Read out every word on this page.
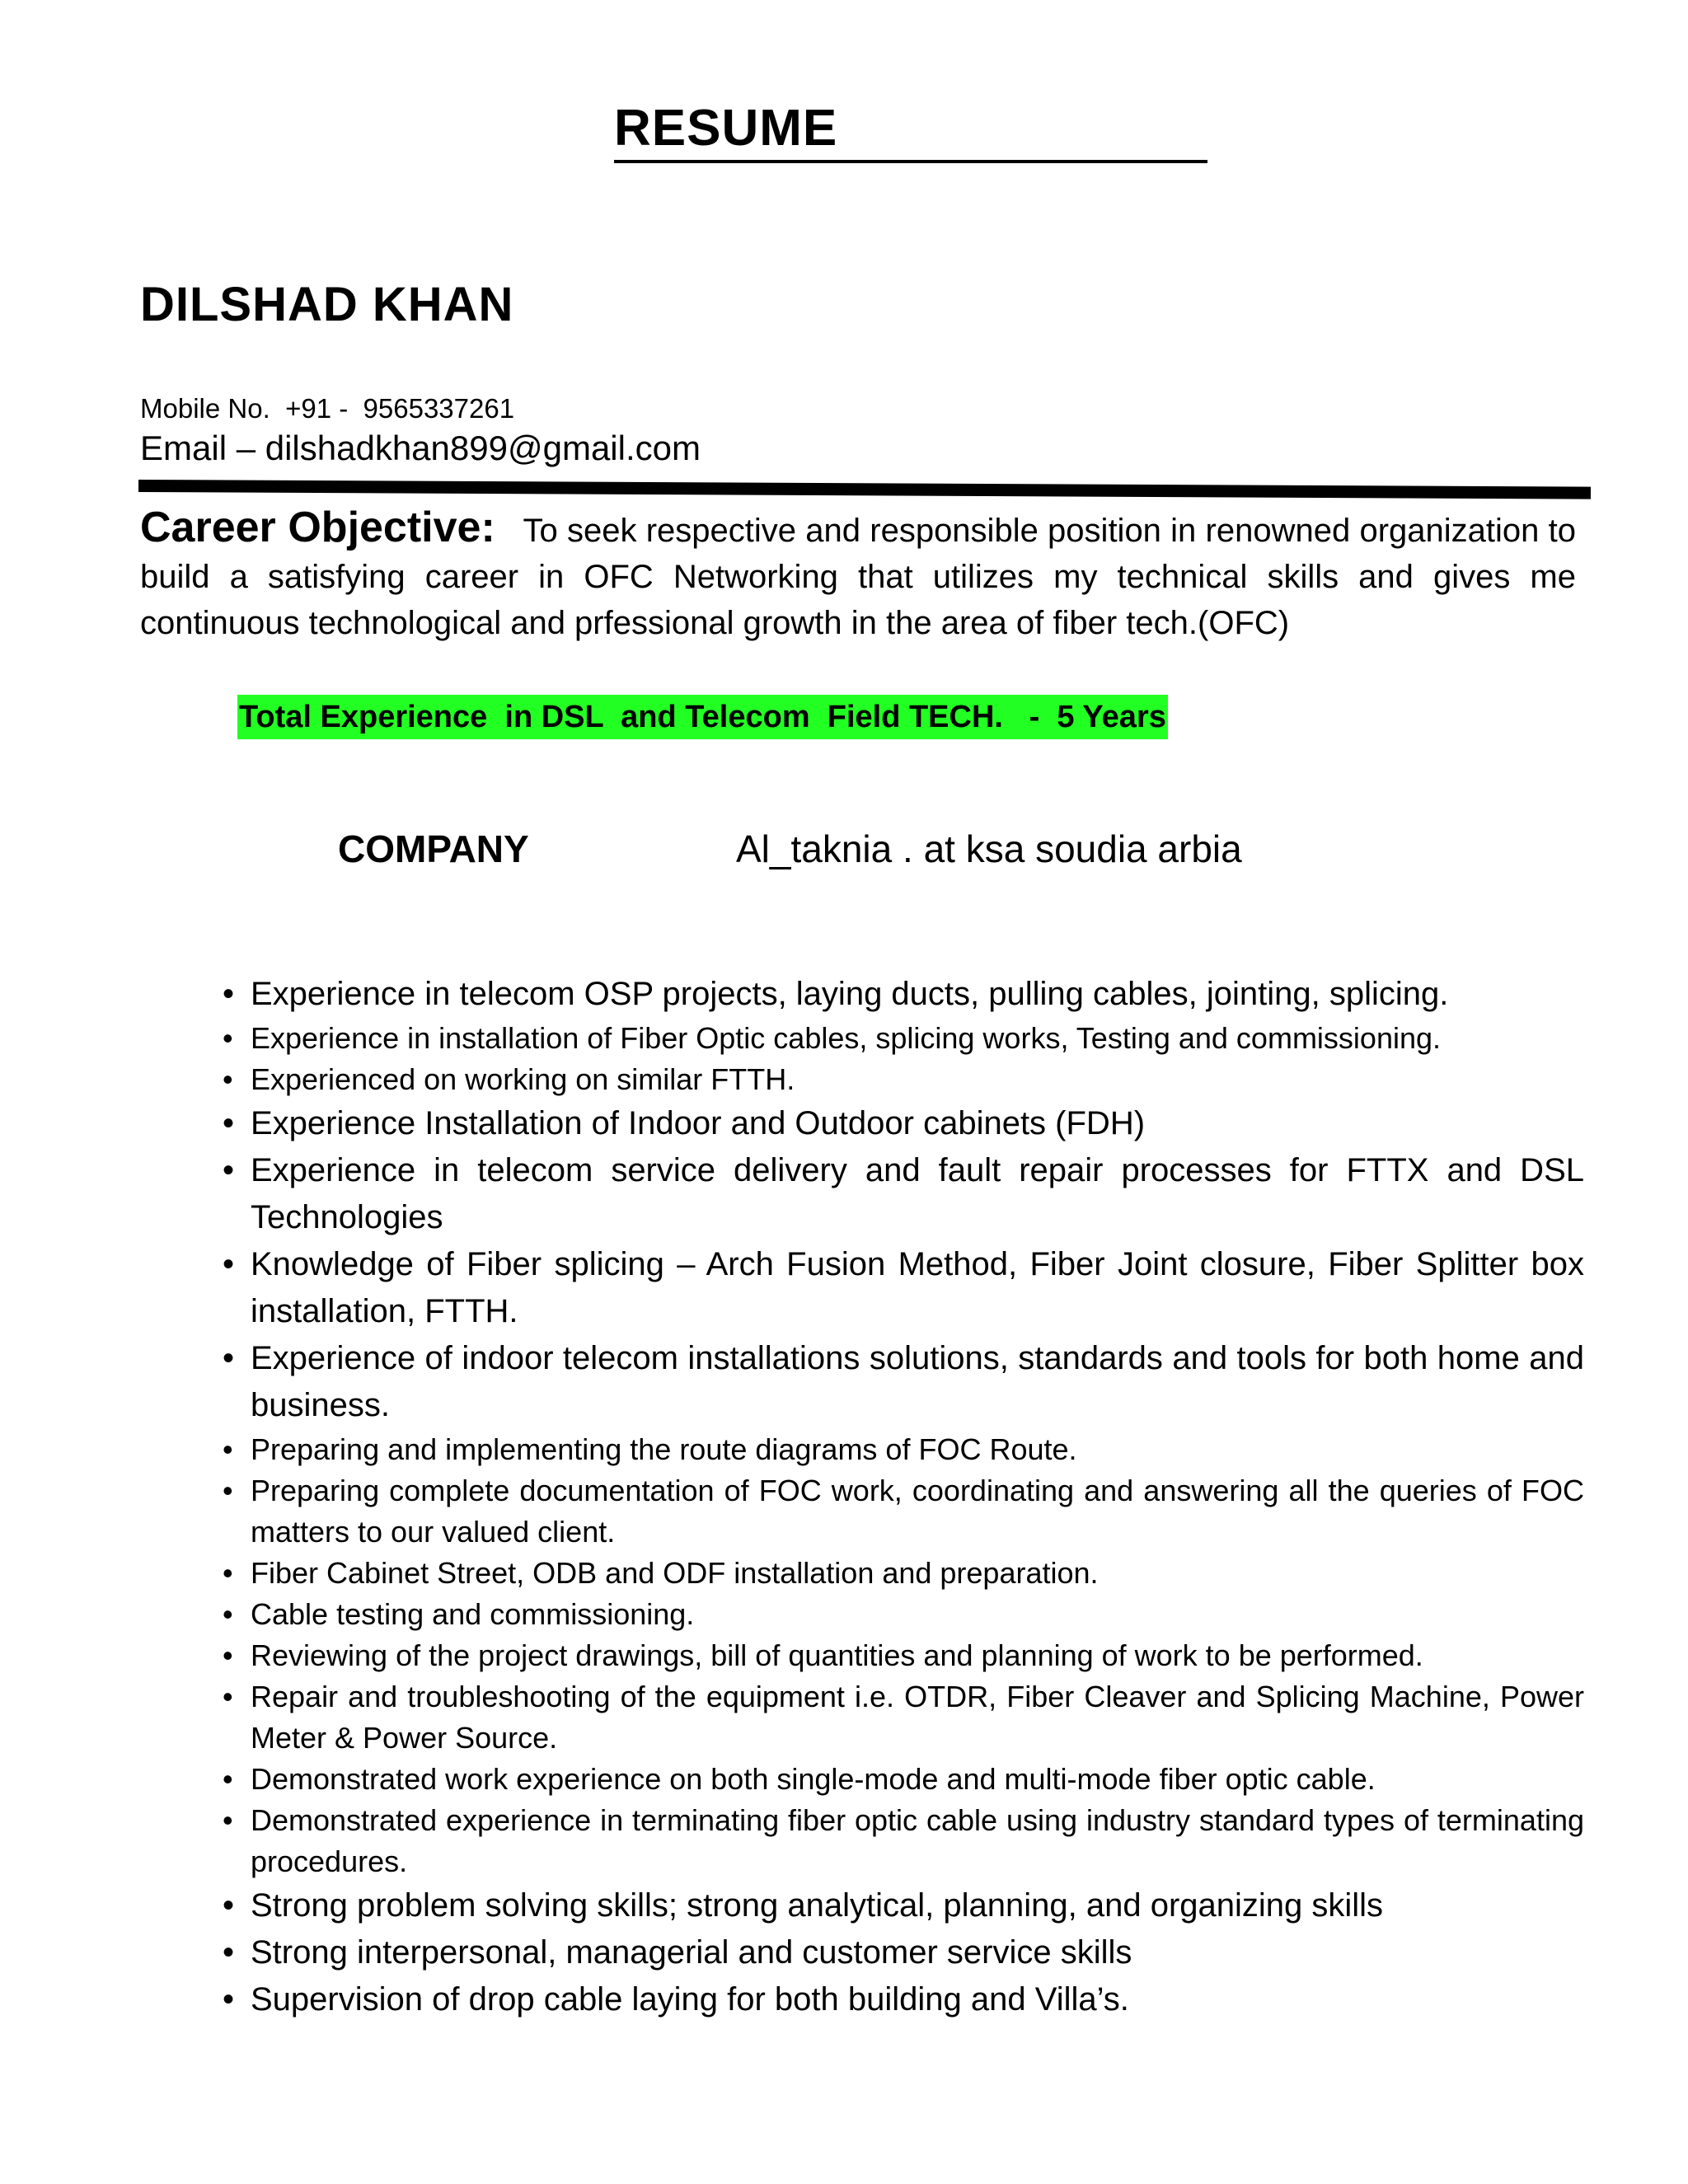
RESUME
DILSHAD KHAN
Mobile No.  +91 -  9565337261
Email – dilshadkhan899@gmail.com
Career Objective: To seek respective and responsible position in renowned organization to build a satisfying career in OFC Networking that utilizes my technical skills and gives me continuous technological and prfessional growth in the area of fiber tech.(OFC)
Total Experience  in DSL  and Telecom  Field TECH.   -  5 Years
COMPANY	Al_taknia . at ksa soudia arbia
• Experience in telecom OSP projects, laying ducts, pulling cables, jointing, splicing.
• Experience in installation of Fiber Optic cables, splicing works, Testing and commissioning.
• Experienced on working on similar FTTH.
• Experience Installation of Indoor and Outdoor cabinets (FDH)
• Experience in telecom service delivery and fault repair processes for FTTX and DSL Technologies
• Knowledge of Fiber splicing – Arch Fusion Method, Fiber Joint closure, Fiber Splitter box installation, FTTH.
• Experience of indoor telecom installations solutions, standards and tools for both home and business.
• Preparing and implementing the route diagrams of FOC Route.
• Preparing complete documentation of FOC work, coordinating and answering all the queries of FOC matters to our valued client.
• Fiber Cabinet Street, ODB and ODF installation and preparation.
• Cable testing and commissioning.
• Reviewing of the project drawings, bill of quantities and planning of work to be performed.
• Repair and troubleshooting of the equipment i.e. OTDR, Fiber Cleaver and Splicing Machine, Power Meter & Power Source.
• Demonstrated work experience on both single-mode and multi-mode fiber optic cable.
• Demonstrated experience in terminating fiber optic cable using industry standard types of terminating procedures.
• Strong problem solving skills; strong analytical, planning, and organizing skills
• Strong interpersonal, managerial and customer service skills
• Supervision of drop cable laying for both building and Villa’s.
